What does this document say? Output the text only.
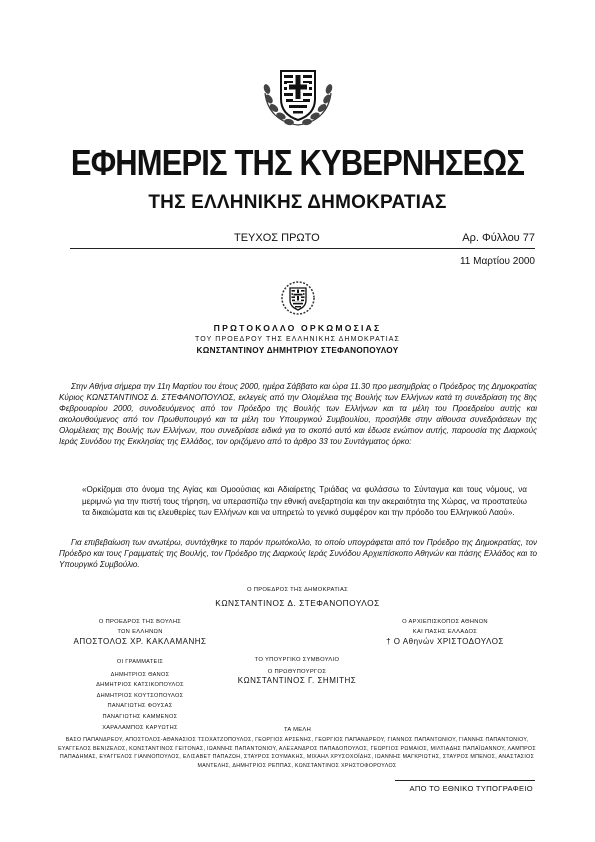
ΕΦΗΜΕΡΙΣ ΤΗΣ ΚΥΒΕΡΝΗΣΕΩΣ
ΤΗΣ ΕΛΛΗΝΙΚΗΣ ΔΗΜΟΚΡΑΤΙΑΣ
ΤΕΥΧΟΣ ΠΡΩΤΟ	Αρ. Φύλλου 77
11 Μαρτίου 2000
ΠΡΩΤΟΚΟΛΛΟ ΟΡΚΩΜΟΣΙΑΣ
ΤΟΥ ΠΡΟΕΔΡΟΥ ΤΗΣ ΕΛΛΗΝΙΚΗΣ ΔΗΜΟΚΡΑΤΙΑΣ
ΚΩΝΣΤΑΝΤΙΝΟΥ ΔΗΜΗΤΡΙΟΥ ΣΤΕΦΑΝΟΠΟΥΛΟΥ
Στην Αθήνα σήμερα την 11η Μαρτίου του έτους 2000, ημέρα Σάββατο και ώρα 11.30 προ μεσημβρίας ο Πρόεδρος της Δημοκρατίας Κύριος ΚΩΝΣΤΑΝΤΙΝΟΣ Δ. ΣΤΕΦΑΝΟΠΟΥΛΟΣ, εκλεγείς από την Ολομέλεια της Βουλής των Ελλήνων κατά τη συνεδρίαση της 8ης Φεβρουαρίου 2000, συνοδευόμενος από τον Πρόεδρο της Βουλής των Ελλήνων και τα μέλη του Προεδρείου αυτής και ακολουθούμενος από τον Πρωθυπουργό και τα μέλη του Υπουργικού Συμβουλίου, προσήλθε στην αίθουσα συνεδριάσεων της Ολομέλειας της Βουλής των Ελλήνων, που συνεδρίασε ειδικά για το σκοπό αυτό και έδωσε ενώπιον αυτής, παρουσία της Διαρκούς Ιεράς Συνόδου της Εκκλησίας της Ελλάδος, τον οριζόμενο από το άρθρο 33 του Συντάγματος όρκο:
«Ορκίζομαι στο όνομα της Αγίας και Ομοούσιας και Αδιαίρετης Τριάδας να φυλάσσω το Σύνταγμα και τους νόμους, να μεριμνώ για την πιστή τους τήρηση, να υπερασπίζω την εθνική ανεξαρτησία και την ακεραιότητα της Χώρας, να προστατεύω τα δικαιώματα και τις ελευθερίες των Ελλήνων και να υπηρετώ το γενικό συμφέρον και την πρόοδο του Ελληνικού Λαού».
Για επιβεβαίωση των ανωτέρω, συντάχθηκε το παρόν πρωτόκολλο, το οποίο υπογράφεται από τον Πρόεδρο της Δημοκρατίας, τον Πρόεδρο και τους Γραμματείς της Βουλής, τον Πρόεδρο της Διαρκούς Ιεράς Συνόδου Αρχιεπίσκοπο Αθηνών και πάσης Ελλάδος και το Υπουργικό Συμβούλιο.
Ο ΠΡΟΕΔΡΟΣ ΤΗΣ ΔΗΜΟΚΡΑΤΙΑΣ
ΚΩΝΣΤΑΝΤΙΝΟΣ Δ. ΣΤΕΦΑΝΟΠΟΥΛΟΣ
Ο ΠΡΟΕΔΡΟΣ ΤΗΣ ΒΟΥΛΗΣ
ΤΩΝ ΕΛΛΗΝΩΝ
ΑΠΟΣΤΟΛΟΣ ΧΡ. ΚΑΚΛΑΜΑΝΗΣ
Ο ΑΡΧΙΕΠΙΣΚΟΠΟΣ ΑΘΗΝΩΝ
ΚΑΙ ΠΑΣΗΣ ΕΛΛΑΔΟΣ
† Ο Αθηνών ΧΡΙΣΤΟΔΟΥΛΟΣ
ΟΙ ΓΡΑΜΜΑΤΕΙΣ
ΔΗΜΗΤΡΙΟΣ ΘΑΝΟΣ
ΔΗΜΗΤΡΙΟΣ ΚΑΤΣΙΚΟΠΟΥΛΟΣ
ΔΗΜΗΤΡΙΟΣ ΚΟΥΤΣΟΠΟΥΛΟΣ
ΠΑΝΑΓΙΩΤΗΣ ΦΟΥΣΑΣ
ΠΑΝΑΓΙΩΤΗΣ ΚΑΜΜΕΝΟΣ
ΧΑΡΑΛΑΜΠΟΣ ΚΑΡΥΩΤΗΣ
ΤΟ ΥΠΟΥΡΓΙΚΟ ΣΥΜΒΟΥΛΙΟ
Ο ΠΡΩΘΥΠΟΥΡΓΟΣ
ΚΩΝΣΤΑΝΤΙΝΟΣ Γ. ΣΗΜΙΤΗΣ
ΤΑ ΜΕΛΗ
ΒΑΣΟ ΠΑΠΑΝΔΡΕΟΥ, ΑΠΟΣΤΟΛΟΣ-ΑΘΑΝΑΣΙΟΣ ΤΣΟΧΑΤΖΟΠΟΥΛΟΣ, ΓΕΩΡΓΙΟΣ ΑΡΣΕΝΗΣ, ΓΕΩΡΓΙΟΣ ΠΑΠΑΝΔΡΕΟΥ, ΓΙΑΝΝΟΣ ΠΑΠΑΝΤΩΝΙΟΥ, ΓΙΑΝΝΗΣ ΠΑΠΑΝΤΩΝΙΟΥ, ΕΥΑΓΓΕΛΟΣ ΒΕΝΙΖΕΛΟΣ, ΚΩΝΣΤΑΝΤΙΝΟΣ ΓΕΙΤΟΝΑΣ, ΙΩΑΝΝΗΣ ΠΑΠΑΝΤΩΝΙΟΥ, ΑΛΕΞΑΝΔΡΟΣ ΠΑΠΑΔΟΠΟΥΛΟΣ, ΓΕΩΡΓΙΟΣ ΡΩΜΑΙΟΣ, ΜΙΛΤΙΑΔΗΣ ΠΑΠΑΪΩΑΝΝΟΥ, ΛΑΜΠΡΟΣ ΠΑΠΑΔΗΜΑΣ, ΕΥΑΓΓΕΛΟΣ ΓΙΑΝΝΟΠΟΥΛΟΣ, ΕΛΙΣΑΒΕΤ ΠΑΠΑΖΩΗ, ΣΤΑΥΡΟΣ ΣΟΥΜΑΚΗΣ, ΜΙΧΑΗΛ ΧΡΥΣΟΧΟΪΔΗΣ, ΙΩΑΝΝΗΣ ΜΑΓΚΡΙΩΤΗΣ, ΣΤΑΥΡΟΣ ΜΠΕΝΟΣ, ΑΝΑΣΤΑΣΙΟΣ ΜΑΝΤΕΛΗΣ, ΔΗΜΗΤΡΙΟΣ ΡΕΠΠΑΣ, ΚΩΝΣΤΑΝΤΙΝΟΣ ΧΡΗΣΤΟΦΟΡΟΥΛΟΣ
ΑΠΟ ΤΟ ΕΘΝΙΚΟ ΤΥΠΟΓΡΑΦΕΙΟ
